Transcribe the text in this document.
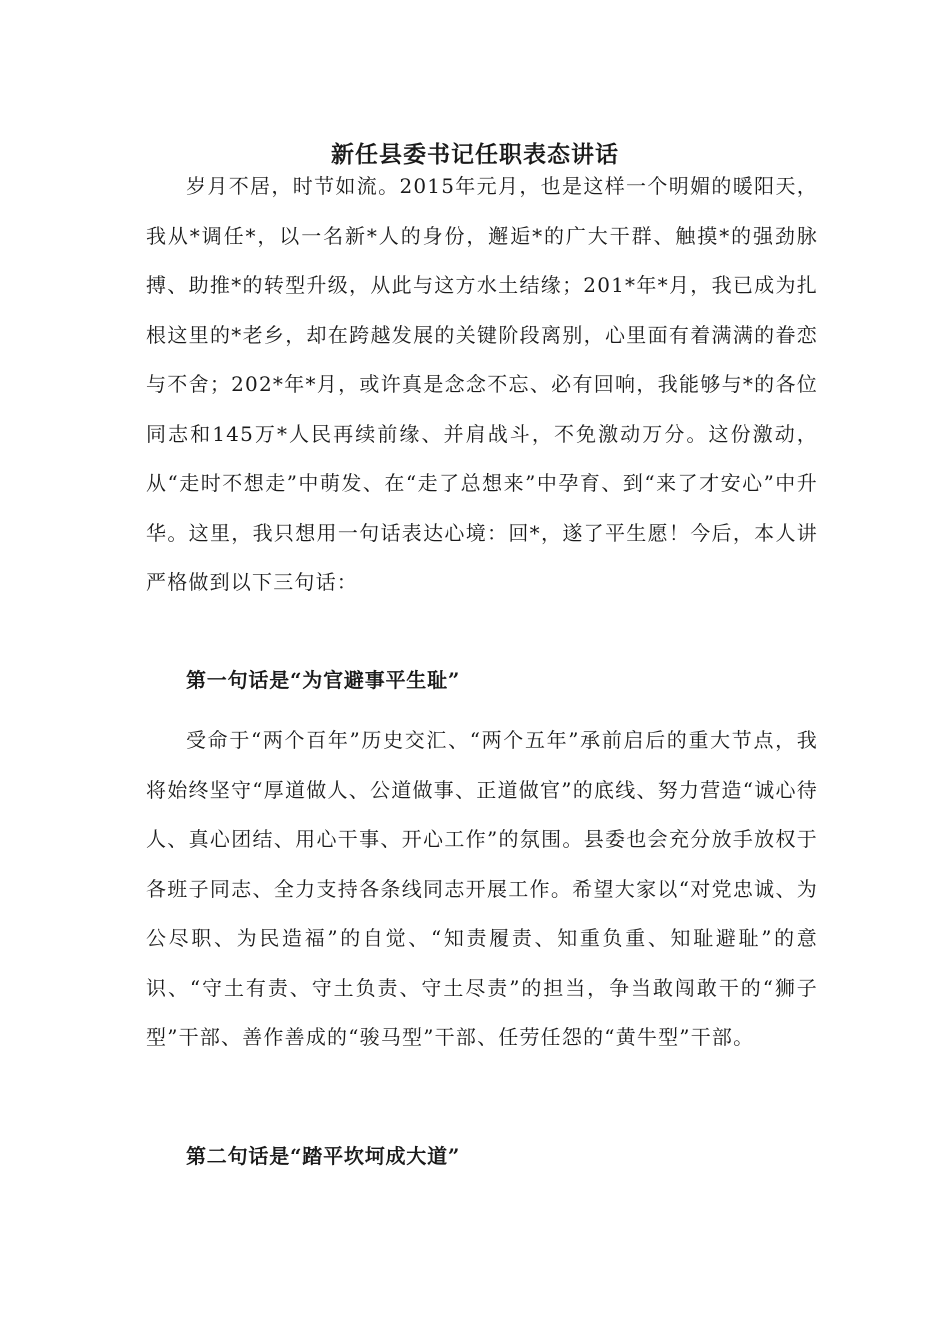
新任县委书记任职表态讲话

岁月不居，时节如流。2015年元月，也是这样一个明媚的暖阳天，我从*调任*，以一名新*人的身份，邂逅*的广大干群、触摸*的强劲脉搏、助推*的转型升级，从此与这方水土结缘；201*年*月，我已成为扎根这里的*老乡，却在跨越发展的关键阶段离别，心里面有着满满的眷恋与不舍；202*年*月，或许真是念念不忘、必有回响，我能够与*的各位同志和145万*人民再续前缘、并肩战斗，不免激动万分。这份激动，从“走时不想走”中萌发、在“走了总想来”中孕育、到“来了才安心”中升华。这里，我只想用一句话表达心境：回*，遂了平生愿！今后，本人讲严格做到以下三句话：

第一句话是“为官避事平生耻”

受命于“两个百年”历史交汇、“两个五年”承前启后的重大节点，我将始终坚守“厚道做人、公道做事、正道做官”的底线、努力营造“诚心待人、真心团结、用心干事、开心工作”的氛围。县委也会充分放手放权于各班子同志、全力支持各条线同志开展工作。希望大家以“对党忠诚、为公尽职、为民造福”的自觉、“知责履责、知重负重、知耻避耻”的意识、“守土有责、守土负责、守土尽责”的担当，争当敢闯敢干的“狮子型”干部、善作善成的“骏马型”干部、任劳任怨的“黄牛型”干部。

第二句话是“踏平坎坷成大道”
